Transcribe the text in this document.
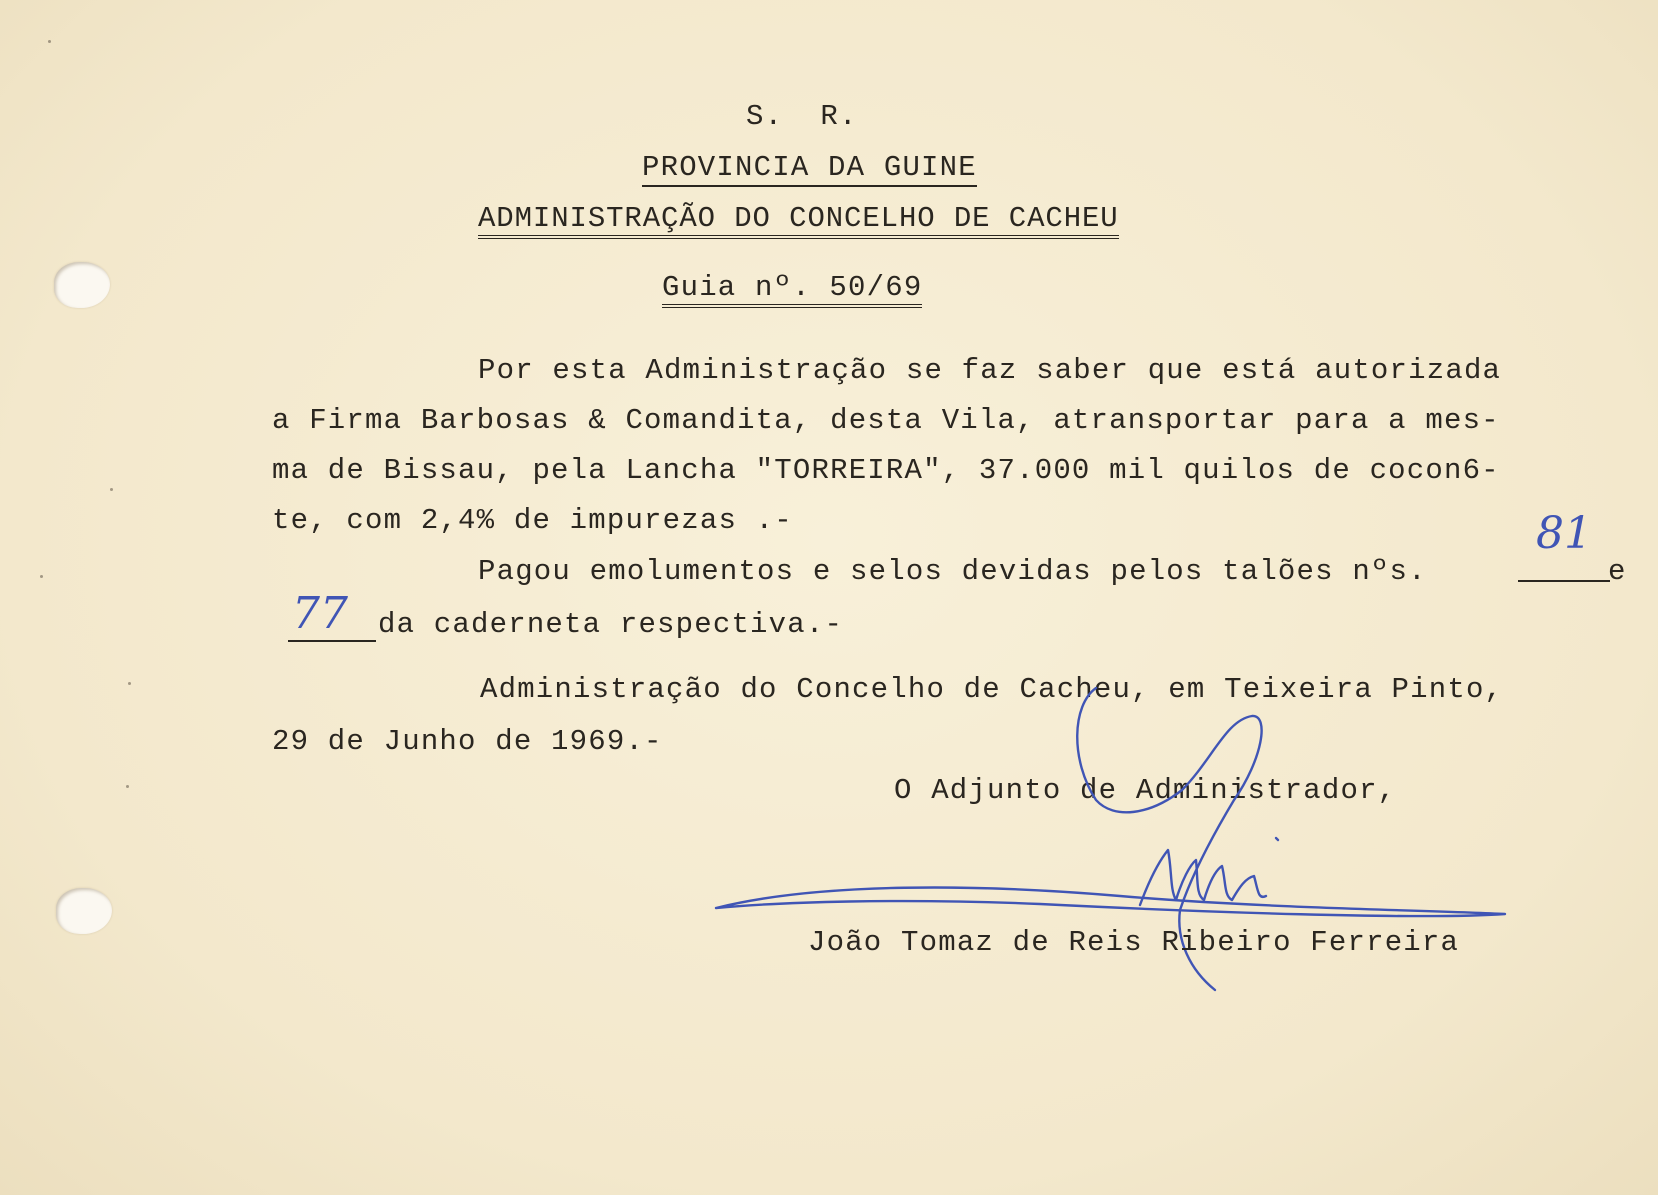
S.  R.
PROVINCIA DA GUINE
ADMINISTRAÇÃO DO CONCELHO DE CACHEU
Guia nº. 50/69
Por esta Administração se faz saber que está autorizada
a Firma Barbosas & Comandita, desta Vila, atransportar para a mes-
ma de Bissau, pela Lancha "TORREIRA", 37.000 mil quilos de cocon6-
te, com 2,4% de impurezas .-
Pagou emolumentos e selos devidas pelos talões nºs.
81
e
77 da caderneta respectiva.-
Administração do Concelho de Cacheu, em Teixeira Pinto,
29 de Junho de 1969.-
O Adjunto de Administrador,
João Tomaz de Reis Ribeiro Ferreira
